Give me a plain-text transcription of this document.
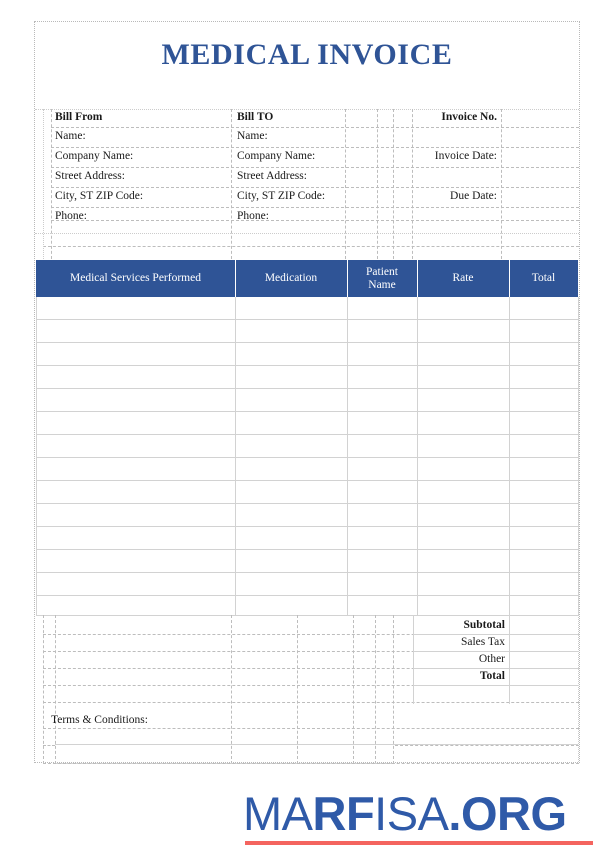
MEDICAL INVOICE
Bill From
Name:
Company Name:
Street Address:
City, ST ZIP Code:
Phone:
Bill TO
Name:
Company Name:
Street Address:
City, ST ZIP Code:
Phone:
Invoice No.
Invoice Date:
Due Date:
Medical Services Performed	Medication
Patient Name
Rate	Total
Subtotal
Sales Tax
Other
Total
Terms & Conditions:
MARFISA.ORG
